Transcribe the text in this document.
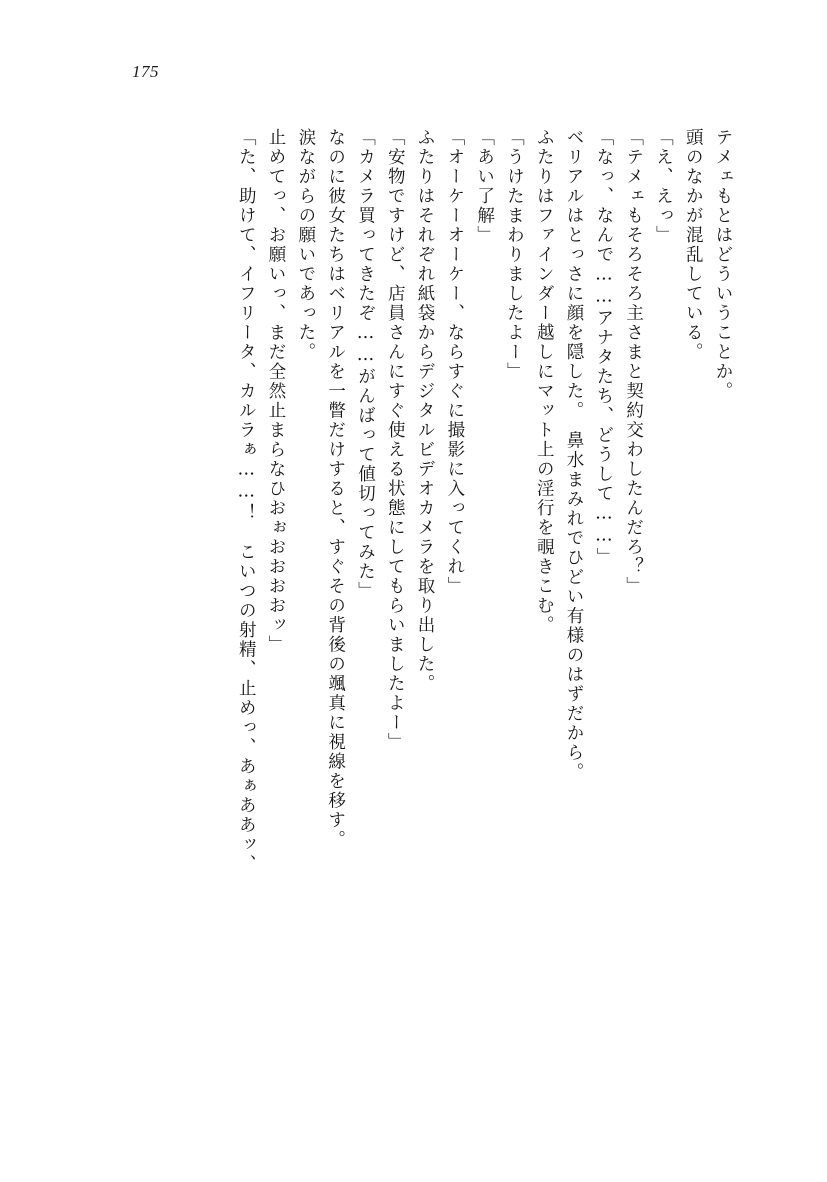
175
「た、助けて、イフリータ、カルラぁ……！　こいつの射精、止めっ、あぁああッ、 止めてっ、お願いっ、まだ全然止まらなひおぉおおおおッ」 涙ながらの願いであった。 なのに彼女たちはベリアルを一瞥だけすると、すぐその背後の颯真に視線を移す。 「カメラ買ってきたぞ……がんばって値切ってみた」 「安物ですけど、店員さんにすぐ使える状態にしてもらいましたよー」 ふたりはそれぞれ紙袋からデジタルビデオカメラを取り出した。 「オーケーオーケー、ならすぐに撮影に入ってくれ」 「あい了解」 「うけたまわりましたよー」 ふたりはファインダー越しにマット上の淫行を覗きこむ。 ベリアルはとっさに顔を隠した。　鼻水まみれでひどい有様のはずだから。 「なっ、なんで……アナタたち、どうして……」 「テメェもそろそろ主さまと契約交わしたんだろ？」 「え、えっ」 頭のなかが混乱している。 テメェもとはどういうことか。
